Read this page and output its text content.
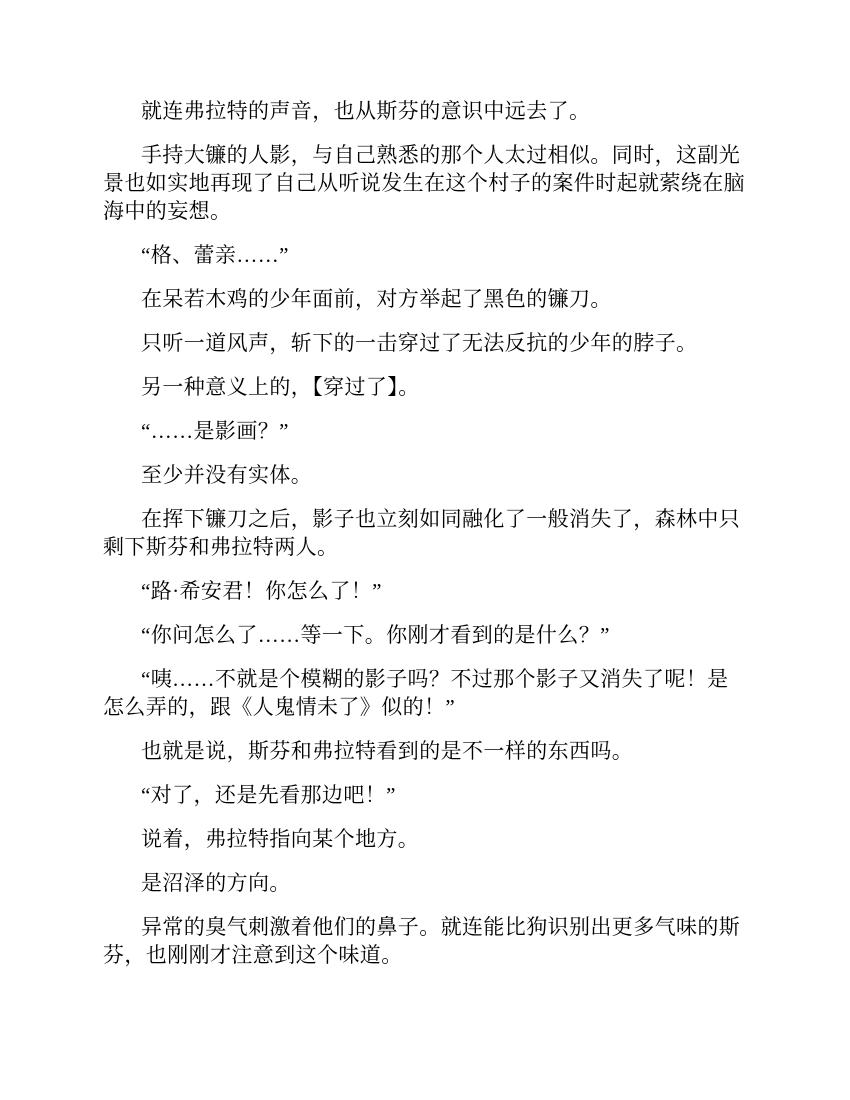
就连弗拉特的声音，也从斯芬的意识中远去了。

手持大镰的人影，与自己熟悉的那个人太过相似。同时，这副光景也如实地再现了自己从听说发生在这个村子的案件时起就萦绕在脑海中的妄想。

“格、蕾亲……”

在呆若木鸡的少年面前，对方举起了黑色的镰刀。

只听一道风声，斩下的一击穿过了无法反抗的少年的脖子。

另一种意义上的，【穿过了】。

“……是影画？”

至少并没有实体。

在挥下镰刀之后，影子也立刻如同融化了一般消失了，森林中只剩下斯芬和弗拉特两人。

“路·希安君！你怎么了！”

“你问怎么了……等一下。你刚才看到的是什么？”

“咦……不就是个模糊的影子吗？不过那个影子又消失了呢！是怎么弄的，跟《人鬼情未了》似的！”

也就是说，斯芬和弗拉特看到的是不一样的东西吗。

“对了，还是先看那边吧！”

说着，弗拉特指向某个地方。

是沼泽的方向。

异常的臭气刺激着他们的鼻子。就连能比狗识别出更多气味的斯芬，也刚刚才注意到这个味道。
